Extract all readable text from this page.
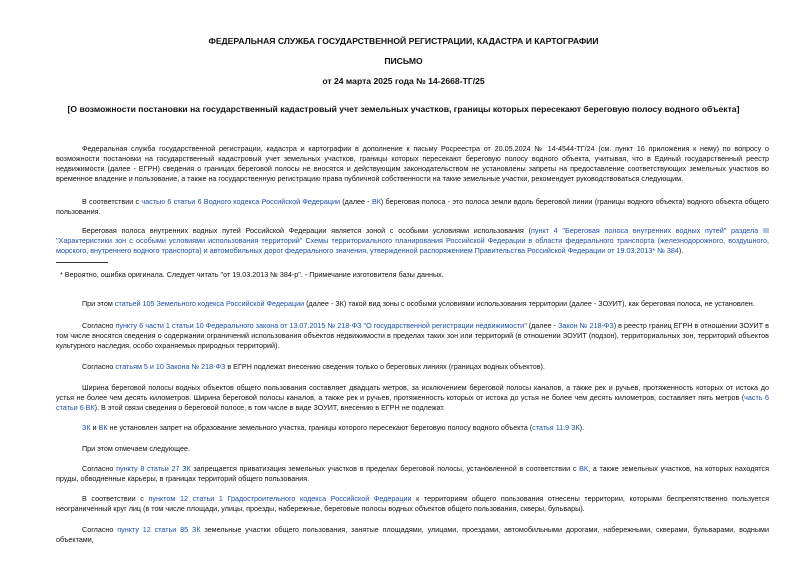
ФЕДЕРАЛЬНАЯ СЛУЖБА ГОСУДАРСТВЕННОЙ РЕГИСТРАЦИИ, КАДАСТРА И КАРТОГРАФИИ
ПИСЬМО
от 24 марта 2025 года № 14-2668-ТГ/25
[О возможности постановки на государственный кадастровый учет земельных участков, границы которых пересекают береговую полосу водного объекта]
Федеральная служба государственной регистрации, кадастра и картографии в дополнение к письму Росреестра от 20.05.2024 № 14-4544-ТГ/24 (см. пункт 16 приложения к нему) по вопросу о возможности постановки на государственный кадастровый учет земельных участков, границы которых пересекают береговую полосу водного объекта, учитывая, что в Единый государственный реестр недвижимости (далее - ЕГРН) сведения о границах береговой полосы не вносятся и действующим законодательством не установлены запреты на предоставление соответствующих земельных участков во временное владение и пользование, а также на государственную регистрацию права публичной собственности на такие земельные участки, рекомендует руководствоваться следующим.
В соответствии с частью 6 статьи 6 Водного кодекса Российской Федерации (далее - ВК) береговая полоса - это полоса земли вдоль береговой линии (границы водного объекта) водного объекта общего пользования.
Береговая полоса внутренних водных путей Российской Федерации является зоной с особыми условиями использования (пункт 4 "Береговая полоса внутренних водных путей" раздела III "Характеристики зон с особыми условиями использования территорий" Схемы территориального планирования Российской Федерации в области федерального транспорта (железнодорожного, воздушного, морского, внутреннего водного транспорта) и автомобильных дорог федерального значения, утвержденной распоряжением Правительства Российской Федерации от 19.03.2013* № 384).
* Вероятно, ошибка оригинала. Следует читать "от 19.03.2013 № 384-р". - Примечание изготовителя базы данных.
При этом статьей 105 Земельного кодекса Российской Федерации (далее - ЗК) такой вид зоны с особыми условиями использования территории (далее - ЗОУИТ), как береговая полоса, не установлен.
Согласно пункту 6 части 1 статьи 10 Федерального закона от 13.07.2015 № 218-ФЗ "О государственной регистрации недвижимости" (далее - Закон № 218-ФЗ) в реестр границ ЕГРН в отношении ЗОУИТ в том числе вносятся сведения о содержании ограничений использования объектов недвижимости в пределах таких зон или территорий (в отношении ЗОУИТ (подзон), территориальных зон, территорий объектов культурного наследия, особо охраняемых природных территорий).
Согласно статьям 5 и 10 Закона № 218-ФЗ в ЕГРН подлежат внесению сведения только о береговых линиях (границах водных объектов).
Ширина береговой полосы водных объектов общего пользования составляет двадцать метров, за исключением береговой полосы каналов, а также рек и ручьев, протяженность которых от истока до устья не более чем десять километров. Ширина береговой полосы каналов, а также рек и ручьев, протяженность которых от истока до устья не более чем десять километров, составляет пять метров (часть 6 статьи 6 ВК). В этой связи сведения о береговой полосе, в том числе в виде ЗОУИТ, внесению в ЕГРН не подлежат.
ЗК и ВК не установлен запрет на образование земельного участка, границы которого пересекают береговую полосу водного объекта (статья 11.9 ЗК).
При этом отмечаем следующее.
Согласно пункту 8 статьи 27 ЗК запрещается приватизация земельных участков в пределах береговой полосы, установленной в соответствии с ВК, а также земельных участков, на которых находятся пруды, обводненные карьеры, в границах территорий общего пользования.
В соответствии с пунктом 12 статьи 1 Градостроительного кодекса Российской Федерации к территориям общего пользования отнесены территории, которыми беспрепятственно пользуется неограниченный круг лиц (в том числе площади, улицы, проезды, набережные, береговые полосы водных объектов общего пользования, скверы, бульвары).
Согласно пункту 12 статьи 85 ЗК земельные участки общего пользования, занятые площадями, улицами, проездами, автомобильными дорогами, набережными, скверами, бульварами, водными объектами,
